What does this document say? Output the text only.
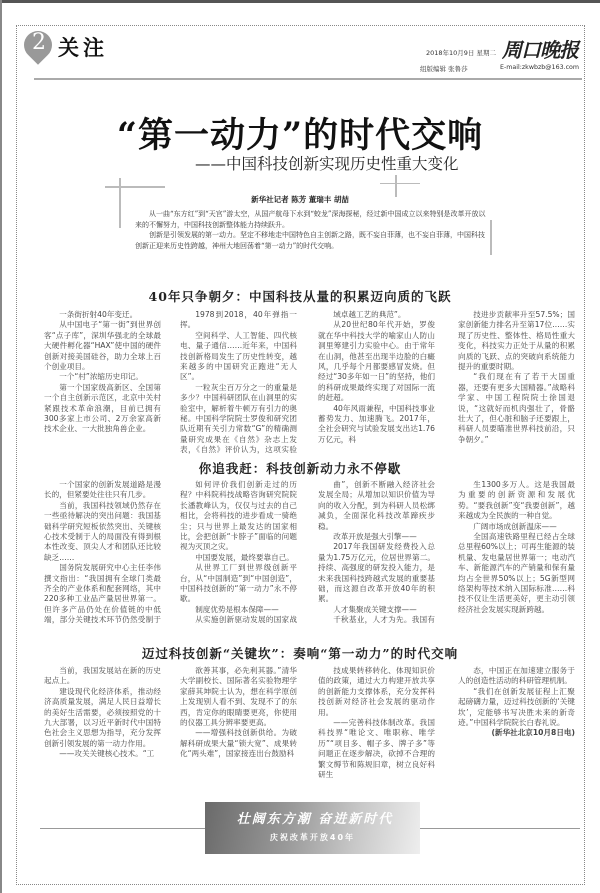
2 关注	2018年10月9日 星期二 周口晚报
组版编辑 张鲁莎	E-mail:zkwbzb@163.com
“第一动力”的时代交响
——中国科技创新实现历史性重大变化
新华社记者 陈芳 董瑞丰 胡喆

从一曲“东方红”到“天宫”游太空，从国产航母下水到“蛟龙”深海探秘，经过新中国成立以来特别是改革开放以来的不懈努力，中国科技创新整体能力持续跃升。

创新是引领发展的第一动力。坚定不移地走中国特色自主创新之路，既不妄自菲薄，也不妄自菲薄，中国科技创新正迎来历史性跨越，神州大地回荡着“第一动力”的时代交响。

40年只争朝夕：中国科技从量的积累迈向质的飞跃

一条街折射40年变迁。

从中国电子“第一街”到世界创客“点子库”，深圳华强北的全球最大硬件孵化器“HAX”使中国的硬件创新对接美国硅谷，助力全球上百个创业项目。

一个“村”浓缩历史印记。

第一个国家级高新区、全国第一个自主创新示范区，北京中关村紧跟技术革命浪潮，目前已拥有300多家上市公司、2万余家高新技术企业、一大批独角兽企业。

1978到2018，40年弹指一挥。

空间科学、人工智能、四代核电、量子通信……近年来，中国科技创新格局发生了历史性转变，越来越多的中国研究正跑进“无人区”。

一粒灰尘百万分之一的重量是多少？中国科研团队在山洞里的实验室中，解析着牛顿万有引力的奥秘。中国科学院院士罗俊和研究团队近期有关引力常数“G”的精确测量研究成果在《自然》杂志上发表，《自然》评价认为，这项实验

域卓越工艺的典范”。

从20世纪80年代开始，罗俊就在华中科技大学的喻家山人防山洞里筹建引力实验中心。由于常年在山洞，他甚至出现半边脸的白癜风，几乎每个月都要感冒发烧。但经过“30多年如一日”的坚持，他们的科研成果最终实现了对国际一流的赶超。

40年风雨兼程，中国科技事业蓄势发力、加速腾飞。2017年，全社会研究与试验发展支出达1.76万亿元，科

技进步贡献率升至57.5%；国家创新能力排名升至第17位……实现了历史性、整体性、格局性重大变化，科技实力正处于从量的积累向质的飞跃、点的突破向系统能力提升的重要时期。

“我们现在有了若干大国重器，还要有更多大国精器。”战略科学家、中国工程院院士徐国退说，“这就好而机肉强壮了，骨骼壮大了，但心脏和脑子还要跟上，科研人员要瞄准世界科技前沿，只争朝夕。”

你追我赶：科技创新动力永不停歇

一个国家的创新发展道路是漫长的，但紧要处往往只有几步。

当前，我国科技领域仍然存在一些亟待解决的突出问题：我国基础科学研究短板依然突出、关键核心技术受制于人的局面没有得到根本性改变、顶尖人才和团队还比较缺乏……

国务院发展研究中心主任李伟撰文指出：“我国拥有全球门类最齐全的产业体系和配套网络，其中220多种工业品产量居世界第一。但许多产品仍处在价值链的中低端，部分关键技术环节仍然受制于

如何评价我们创新走过的历程？中科院科技战略咨询研究院院长潘教峰认为，仅仅与过去的自己相比，会将科技的进步看成一骑绝尘；只与世界上最发达的国家相比，会把创新“卡脖子”面临的问题视为灭顶之灾。

中国要发展，最终要靠自己。

从世界工厂到世界级创新平台，从“中国制造”到“中国创造”，中国科技创新的“第一动力”永不停歇。

制度优势是根本保障——

从实施创新驱动发展的国家战

曲”，创新不断融入经济社会发展全局；从增加以知识价值为导向的收入分配，到为科研人员松绑减负，全面深化科技改革蹄疾步稳。

改革开放是强大引擎——

2017年我国研发经费投入总量为1.75万亿元，位居世界第二。持续、高强度的研发投入能力，是未来我国科技跨越式发展的重要基础，而这源自改革开放40年的积累。

人才集聚成关键支撑——

千秋基业，人才为先。我国有

生1300多万人。这是我国最为重要的创新资源和发展优势。“要我创新”变“我要创新”，越来越成为全民族的一种自觉。

广阔市场成创新温床——

全国高速铁路里程已经占全球总里程60%以上；可再生能源的装机量、发电量居世界第一；电动汽车、新能源汽车的产销量和保有量均占全世界50%以上；5G新型网络架构等技术纳入国际标准……科技不仅让生活更美好，更主动引领经济社会发展实现新跨越。

迈过科技创新“关键坎”：奏响“第一动力”的时代交响

当前，我国发展站在新的历史起点上。

建设现代化经济体系，推动经济高质量发展，满足人民日益增长的美好生活需要，必须按照党的十九大部署，以习近平新时代中国特色社会主义思想为指导，充分发挥创新引领发展的第一动力作用。

——攻关关键核心技术。“工

欲善其事，必先利其器。”清华大学副校长、国际著名实验物理学家薛其坤院士认为，想在科学原创上发现别人看不到、发现不了的东西，肯定你的眼睛要更亮，你使用的仪器工具分辨率要更高。

——增强科技创新供给。为破解科研成果大量“锁大宽”、成果转化“两头难”，国家接连出台鼓励科

技成果转移转化、体现知识价值的政策，通过大力构建开放共享的创新能力支撑体系，充分发挥科技创新对经济社会发展的驱动作用。

——完善科技体制改革。我国科技界“唯论文、唯职称、唯学历”“项目多、帽子多、牌子多”等问题正在逐步解决，砍掉不合理的繁文缛节和陈规旧章，树立良好科研生

态，中国正在加速建立服务于人的创造性活动的科研管理机制。

“我们在创新发展征程上汇聚起磅礴力量，迈过科技创新的‘关键坎’，定能够书写决胜未来的新奇迹。”中国科学院院长白春礼说。

(新华社北京10月8日电)

壮阔东方潮 奋进新时代
庆祝改革开放40年
